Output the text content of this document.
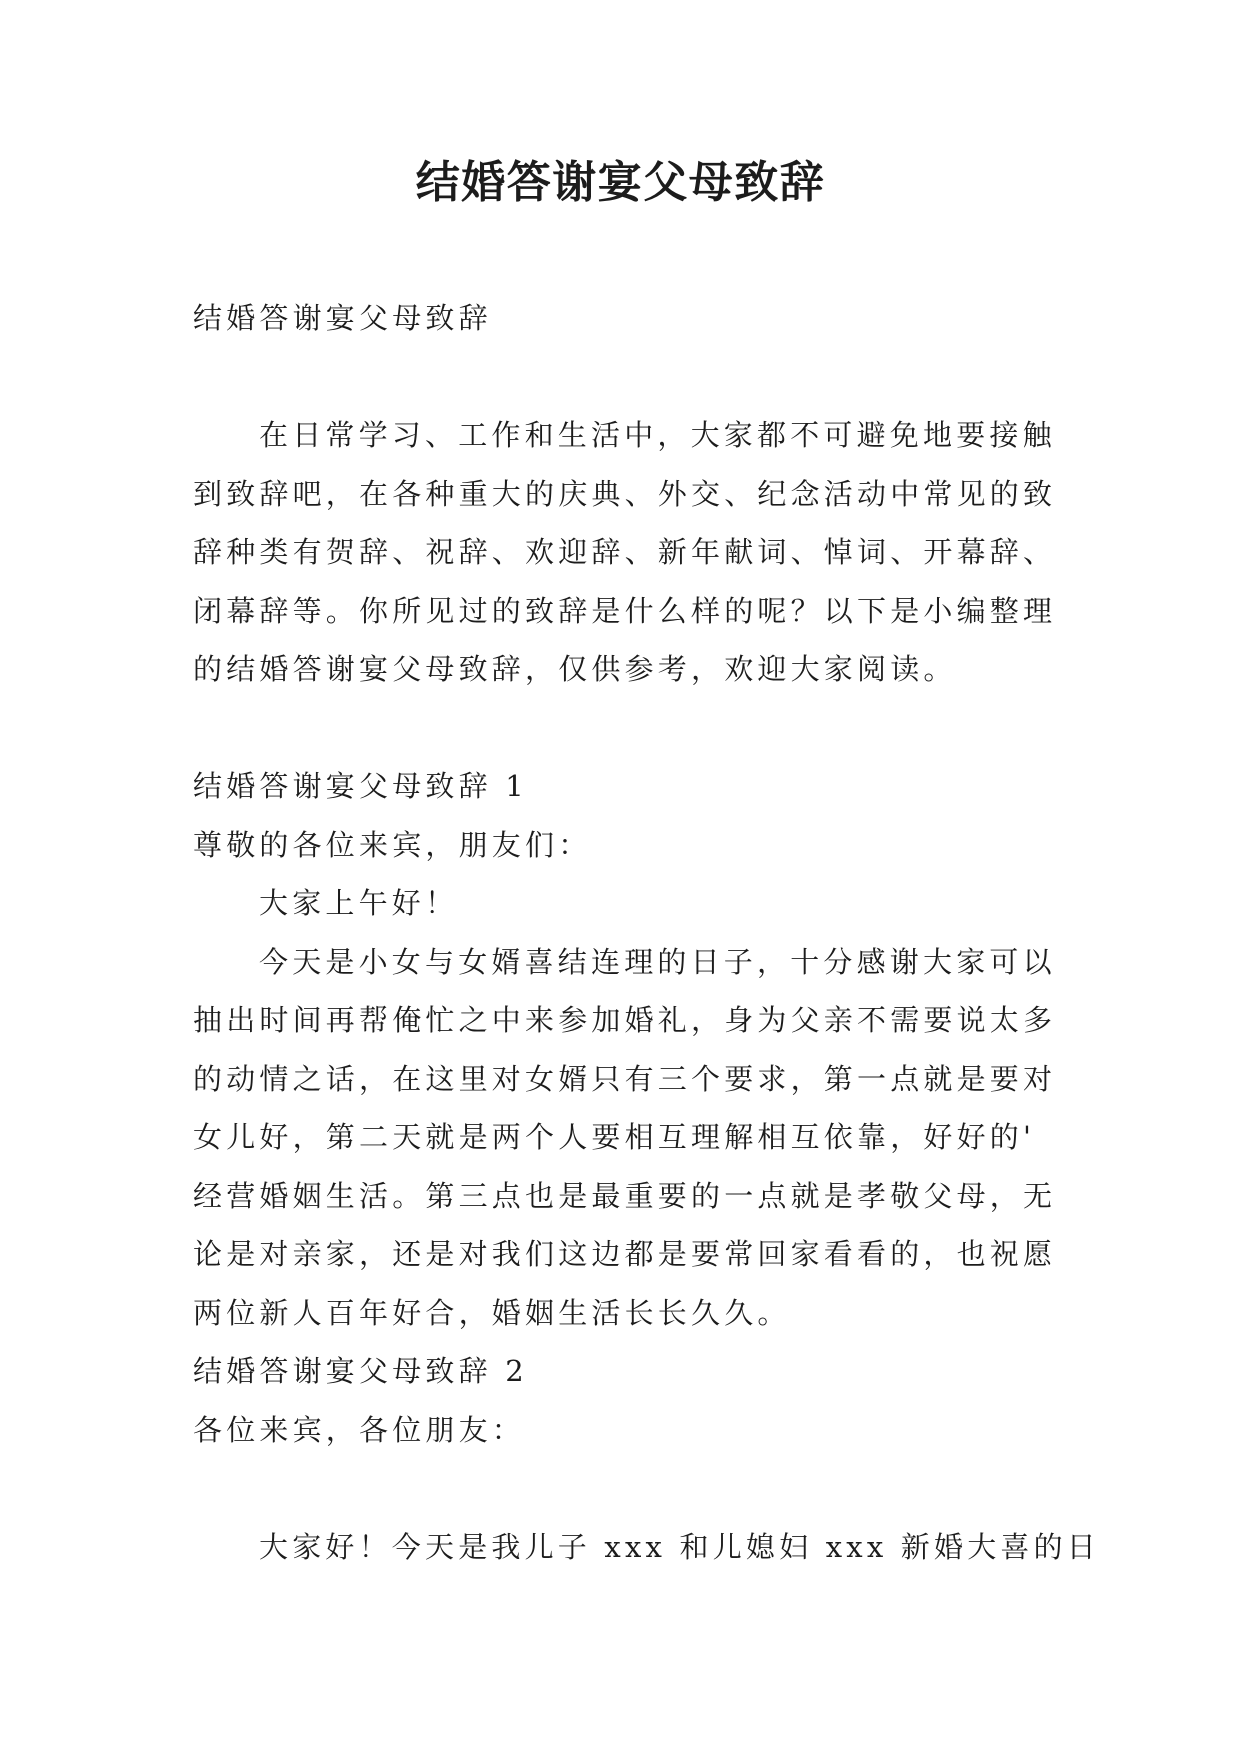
结婚答谢宴父母致辞
结婚答谢宴父母致辞
在日常学习、工作和生活中，大家都不可避免地要接触
到致辞吧，在各种重大的庆典、外交、纪念活动中常见的致
辞种类有贺辞、祝辞、欢迎辞、新年献词、悼词、开幕辞、
闭幕辞等。你所见过的致辞是什么样的呢？以下是小编整理
的结婚答谢宴父母致辞，仅供参考，欢迎大家阅读。
结婚答谢宴父母致辞 1
尊敬的各位来宾，朋友们：
大家上午好！
今天是小女与女婿喜结连理的日子，十分感谢大家可以
抽出时间再帮俺忙之中来参加婚礼，身为父亲不需要说太多
的动情之话，在这里对女婿只有三个要求，第一点就是要对
女儿好，第二天就是两个人要相互理解相互依靠，好好的'
经营婚姻生活。第三点也是最重要的一点就是孝敬父母，无
论是对亲家，还是对我们这边都是要常回家看看的，也祝愿
两位新人百年好合，婚姻生活长长久久。
结婚答谢宴父母致辞 2
各位来宾，各位朋友：
大家好！今天是我儿子 xxx 和儿媳妇 xxx 新婚大喜的日
